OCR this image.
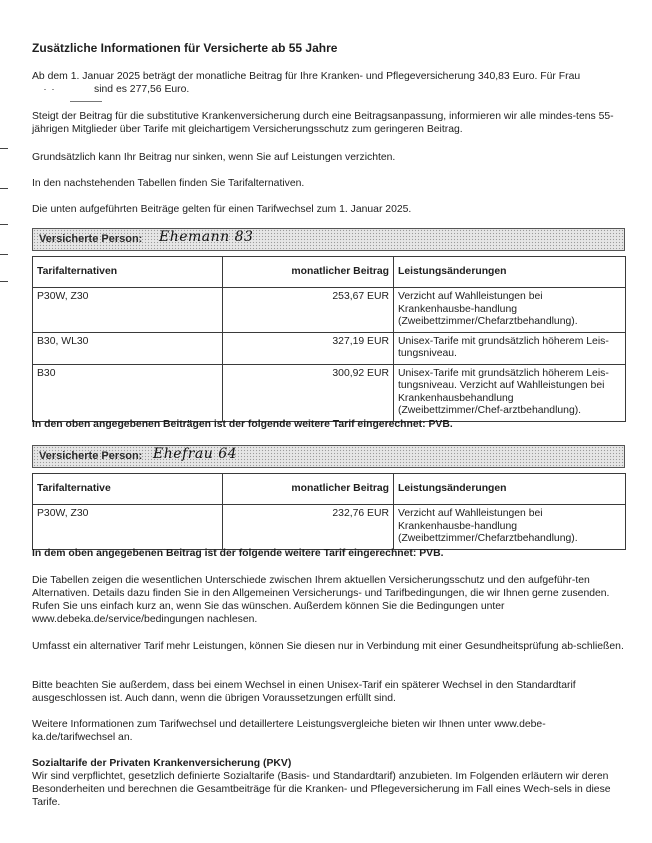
Zusätzliche Informationen für Versicherte ab 55 Jahre
Ab dem 1. Januar 2025 beträgt der monatliche Beitrag für Ihre Kranken- und Pflegeversicherung 340,83 Euro. Für Frau
sind es 277,56 Euro.

Steigt der Beitrag für die substitutive Krankenversicherung durch eine Beitragsanpassung, informieren wir alle mindes-tens 55-jährigen Mitglieder über Tarife mit gleichartigem Versicherungsschutz zum geringeren Beitrag.

Grundsätzlich kann Ihr Beitrag nur sinken, wenn Sie auf Leistungen verzichten.

In den nachstehenden Tabellen finden Sie Tarifalternativen.

Die unten aufgeführten Beiträge gelten für einen Tarifwechsel zum 1. Januar 2025.

Versicherte Person: Ehemann 83
Tarifalternativen	monatlicher Beitrag	Leistungsänderungen
P30W, Z30	253,67 EUR	Verzicht auf Wahlleistungen bei Krankenhausbe-handlung (Zweibettzimmer/Chefarztbehandlung).
B30, WL30	327,19 EUR	Unisex-Tarife mit grundsätzlich höherem Leis-tungsniveau.
B30	300,92 EUR	Unisex-Tarife mit grundsätzlich höherem Leis-tungsniveau. Verzicht auf Wahlleistungen bei Krankenhausbehandlung (Zweibettzimmer/Chef-arztbehandlung).

In den oben angegebenen Beiträgen ist der folgende weitere Tarif eingerechnet: PVB.

Versicherte Person: Ehefrau 64
Tarifalternative	monatlicher Beitrag	Leistungsänderungen
P30W, Z30	232,76 EUR	Verzicht auf Wahlleistungen bei Krankenhausbe-handlung (Zweibettzimmer/Chefarztbehandlung).

In dem oben angegebenen Beitrag ist der folgende weitere Tarif eingerechnet: PVB.

Die Tabellen zeigen die wesentlichen Unterschiede zwischen Ihrem aktuellen Versicherungsschutz und den aufgeführ-ten Alternativen. Details dazu finden Sie in den Allgemeinen Versicherungs- und Tarifbedingungen, die wir Ihnen gerne zusenden. Rufen Sie uns einfach kurz an, wenn Sie das wünschen. Außerdem können Sie die Bedingungen unter www.debeka.de/service/bedingungen nachlesen.

Umfasst ein alternativer Tarif mehr Leistungen, können Sie diesen nur in Verbindung mit einer Gesundheitsprüfung ab-schließen.

Bitte beachten Sie außerdem, dass bei einem Wechsel in einen Unisex-Tarif ein späterer Wechsel in den Standardtarif ausgeschlossen ist. Auch dann, wenn die übrigen Voraussetzungen erfüllt sind.

Weitere Informationen zum Tarifwechsel und detaillertere Leistungsvergleiche bieten wir Ihnen unter www.debe-ka.de/tarifwechsel an.

Sozialtarife der Privaten Krankenversicherung (PKV)

Wir sind verpflichtet, gesetzlich definierte Sozialtarife (Basis- und Standardtarif) anzubieten. Im Folgenden erläutern wir deren Besonderheiten und berechnen die Gesamtbeiträge für die Kranken- und Pflegeversicherung im Fall eines Wech-sels in diese Tarife.
